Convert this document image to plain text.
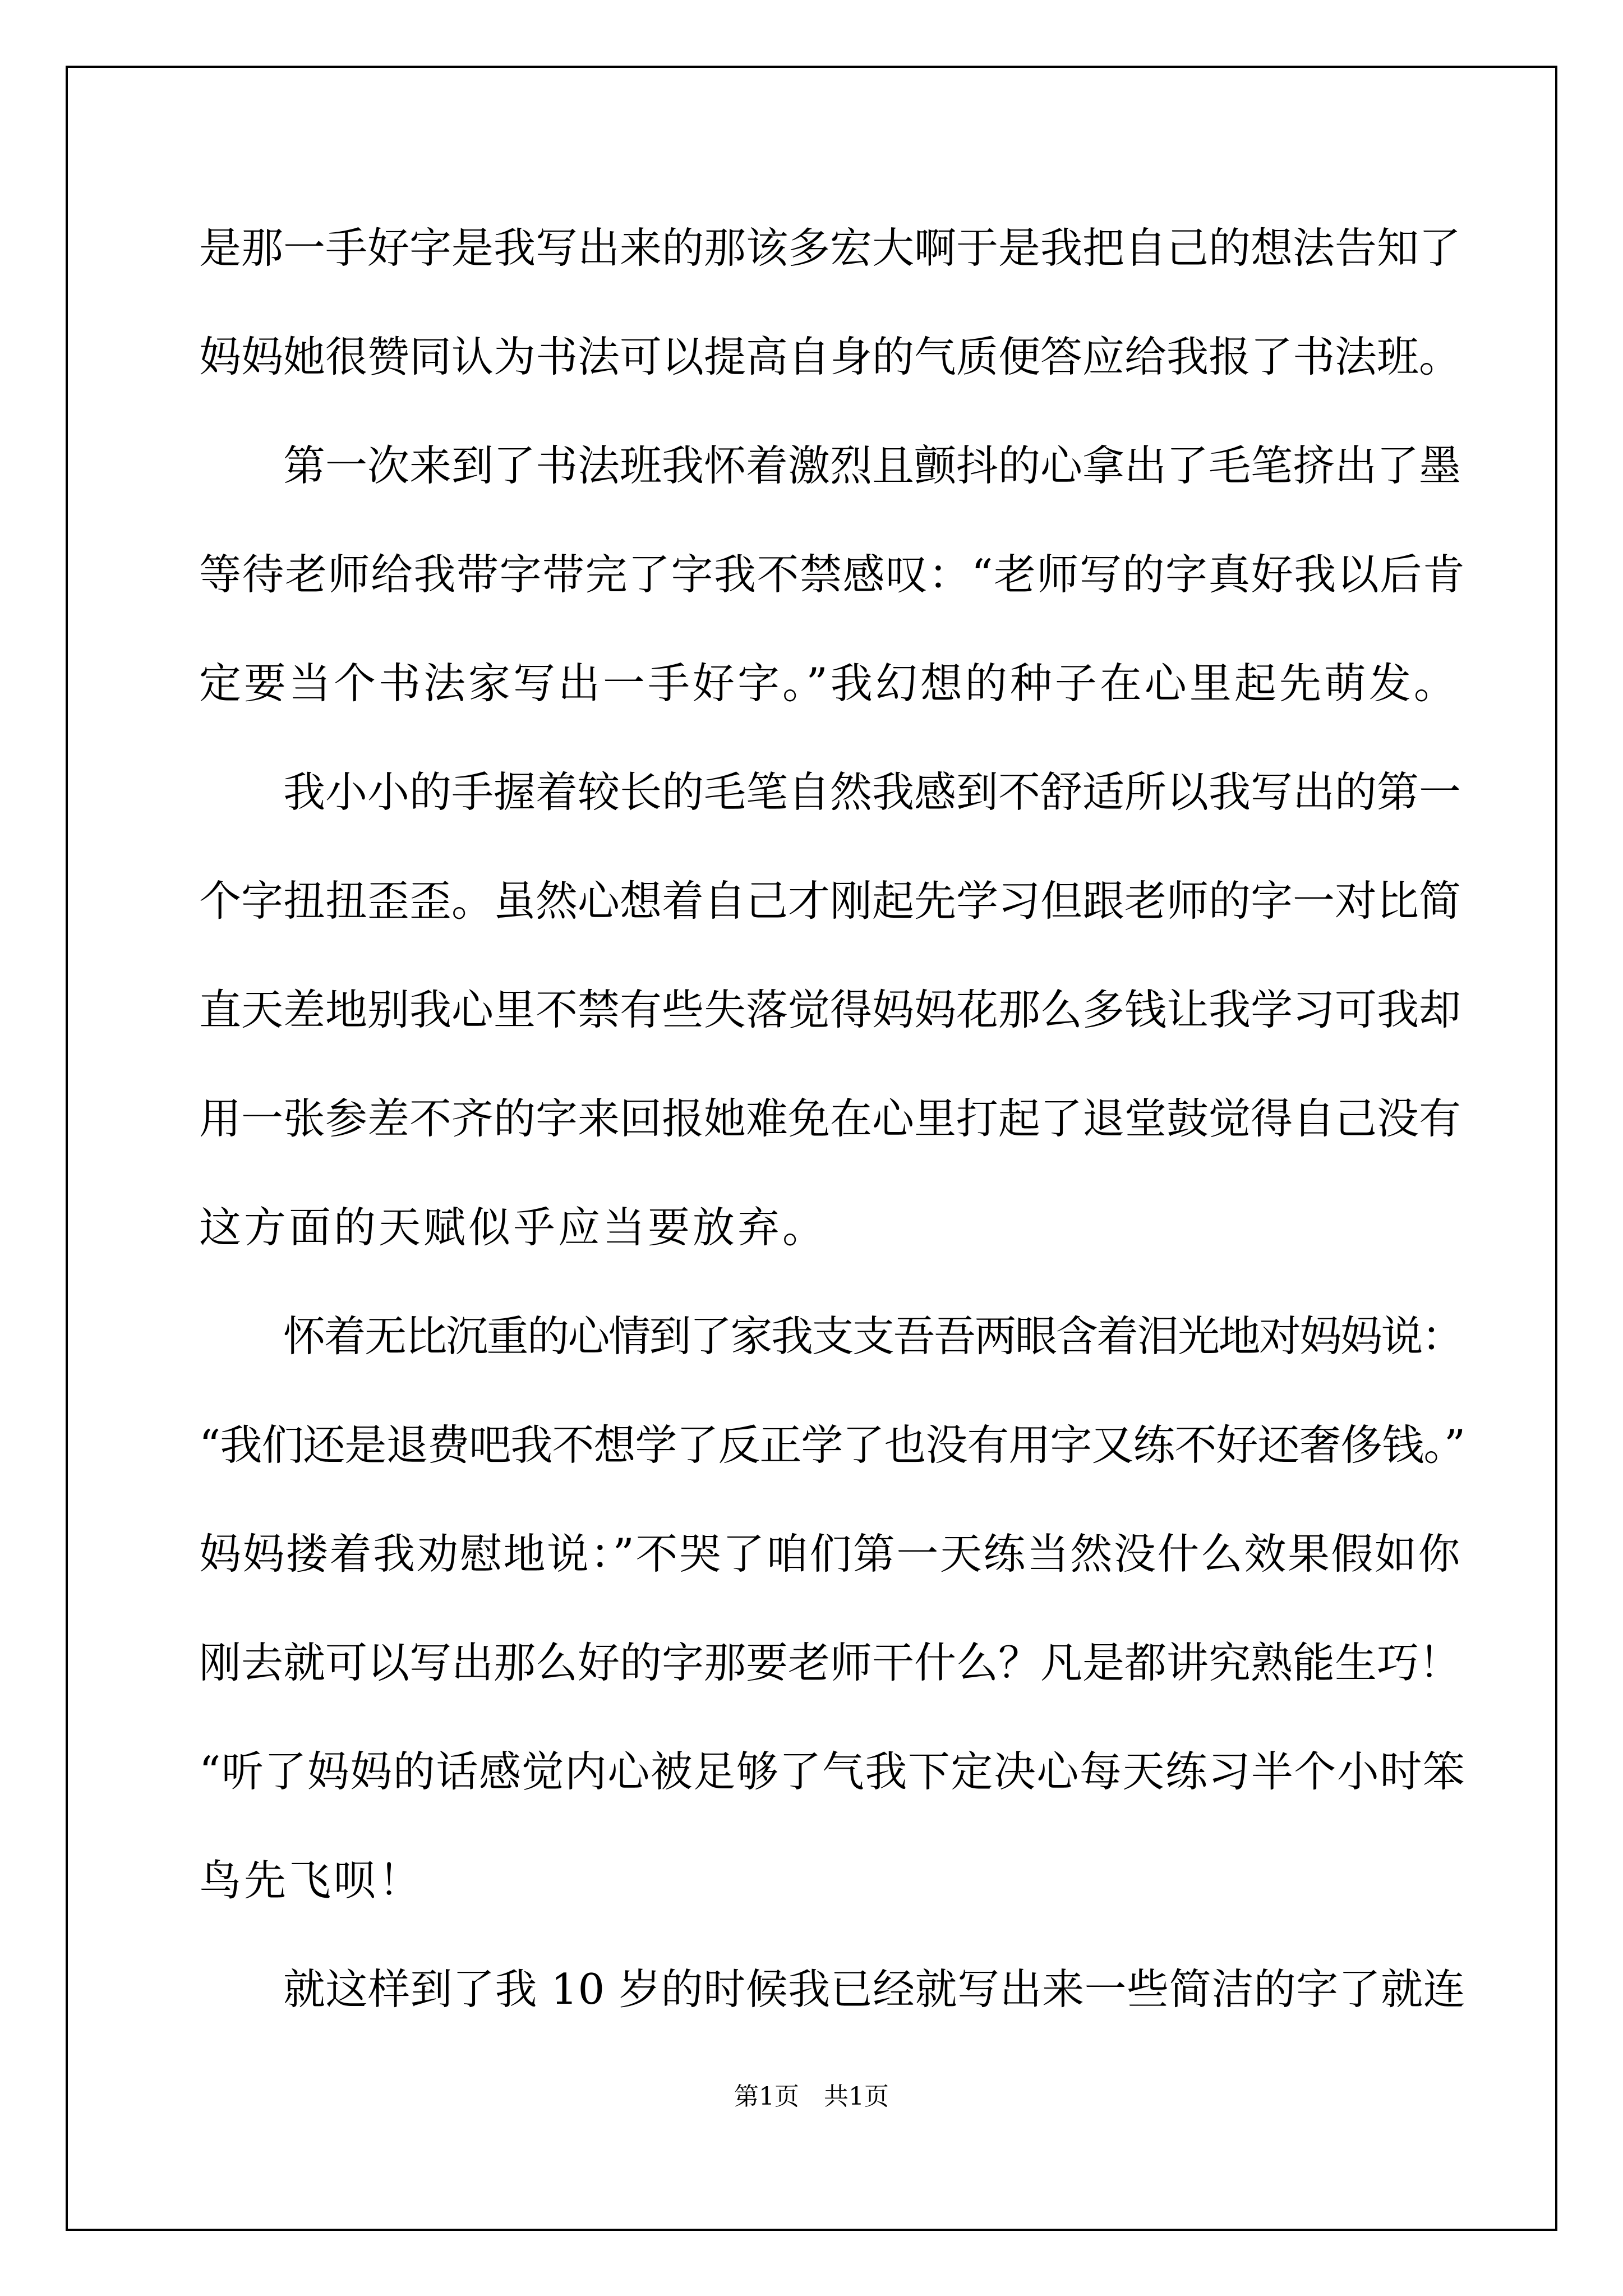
是那一手好字是我写出来的那该多宏大啊于是我把自己的想法告知了
妈妈她很赞同认为书法可以提高自身的气质便答应给我报了书法班。
第一次来到了书法班我怀着激烈且颤抖的心拿出了毛笔挤出了墨
等待老师给我带字带完了字我不禁感叹：“老师写的字真好我以后肯
定要当个书法家写出一手好字。”我幻想的种子在心里起先萌发。
我小小的手握着较长的毛笔自然我感到不舒适所以我写出的第一
个字扭扭歪歪。虽然心想着自己才刚起先学习但跟老师的字一对比简
直天差地别我心里不禁有些失落觉得妈妈花那么多钱让我学习可我却
用一张参差不齐的字来回报她难免在心里打起了退堂鼓觉得自己没有
这方面的天赋似乎应当要放弃。
怀着无比沉重的心情到了家我支支吾吾两眼含着泪光地对妈妈说：
“我们还是退费吧我不想学了反正学了也没有用字又练不好还奢侈钱。”
妈妈搂着我劝慰地说：”不哭了咱们第一天练当然没什么效果假如你
刚去就可以写出那么好的字那要老师干什么？凡是都讲究熟能生巧！
“听了妈妈的话感觉内心被足够了气我下定决心每天练习半个小时笨
鸟先飞呗！
就这样到了我 10 岁的时候我已经就写出来一些简洁的字了就连
第1页 共1页
